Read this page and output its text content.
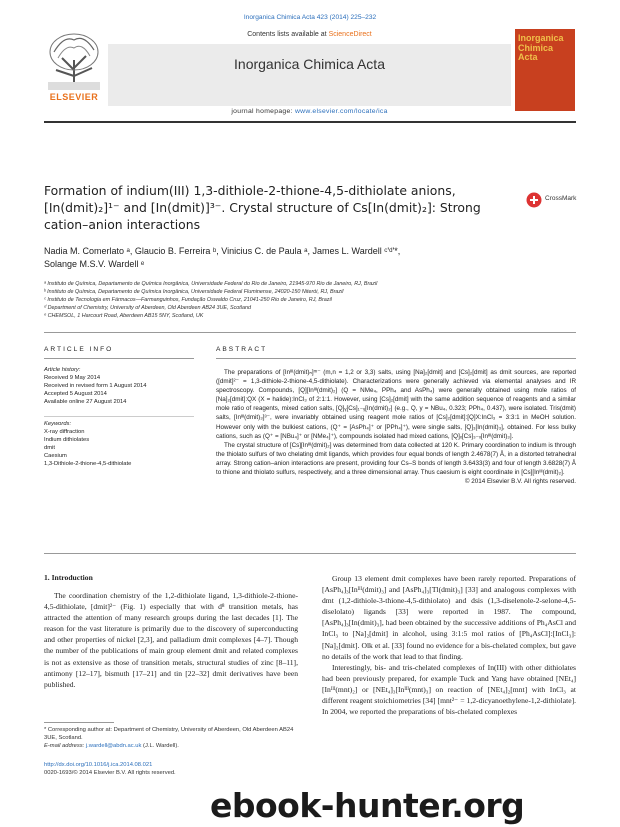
Inorganica Chimica Acta 423 (2014) 225–232
ELSEVIER
Contents lists available at ScienceDirect
Inorganica Chimica Acta
journal homepage: www.elsevier.com/locate/ica
Inorganica Chimica Acta
Formation of indium(III) 1,3-dithiole-2-thione-4,5-dithiolate anions,
[In(dmit)₂]¹⁻ and [In(dmit)]³⁻. Crystal structure of Cs[In(dmit)₂]: Strong
cation–anion interactions
CrossMark
Nadia M. Comerlato ᵃ, Glaucio B. Ferreira ᵇ, Vinicius C. de Paula ᵃ, James L. Wardell ᶜ'ᵈ'*,
Solange M.S.V. Wardell ᵉ
ᵃ Instituto de Química, Departamento de Química Inorgânica, Universidade Federal do Rio de Janeiro, 21945-970 Rio de Janeiro, RJ, Brazil
ᵇ Instituto de Química, Departamento de Química Inorgânica, Universidade Federal Fluminense, 24020-150 Niterói, RJ, Brazil
ᶜ Instituto de Tecnologia em Fármacos—Farmanguinhos, Fundação Oswaldo Cruz, 21041-250 Rio de Janeiro, RJ, Brazil
ᵈ Department of Chemistry, University of Aberdeen, Old Aberdeen AB24 3UE, Scotland
ᵉ CHEMSOL, 1 Harcourt Road, Aberdeen AB15 5NY, Scotland, UK
ARTICLE INFO
Article history:
Received 9 May 2014
Received in revised form 1 August 2014
Accepted 5 August 2014
Available online 27 August 2014
Keywords:
X-ray diffraction
Indium dithiolates
dmit
Caesium
1,3-Dithiole-2-thione-4,5-dithiolate
ABSTRACT

The preparations of [Inᴵᴵᴵ(dmit)ₙ]ᵐ⁻ (m,n = 1,2 or 3,3) salts, using [Na]₂[dmit] and [Cs]₂[dmit] as dmit sources, are reported ([dmit]²⁻ = 1,3-dithiole-2-thione-4,5-dithiolate). Characterizations were generally achieved via elemental analyses and IR spectroscopy. Compounds, [Q][Inᴵᴵᴵ(dmit)₂] (Q = NMe₄, PPh₄ and AsPh₄) were generally obtained using mole ratios of [Na]₂[dmit]:QX (X = halide):InCl₃ of 2:1:1. However, using [Cs]₂[dmit] with the same addition sequence of reagents and a similar mole ratio of reagents, mixed cation salts, [Q]ᵧ[Cs]₁₋ᵧ[In(dmit)₂] (e.g., Q, y = NBu₄, 0.323; PPh₄, 0.437), were isolated. Tris(dmit) salts, [Inᴵᴵᴵ(dmit)₃]³⁻, were invariably obtained using reagent mole ratios of [Cs]₂[dmit]:[Q]X:InCl₃ = 3:3:1 in MeOH solution. However only with the bulkiest cations, (Q⁺ = [AsPh₄]⁺ or [PPh₄]⁺), were single salts, [Q]₃[In(dmit)₃], obtained. For less bulky cations, such as (Q⁺ = [NBu₄]⁺ or [NMe₄]⁺), compounds isolated had mixed cations, [Q]ₓ[Cs]₃₋ₓ[Inᴵᴵᴵ(dmit)₃].

The crystal structure of [Cs][Inᴵᴵᴵ(dmit)₂] was determined from data collected at 120 K. Primary coordination to indium is through the thiolato sulfurs of two chelating dmit ligands, which provides four equal bonds of length 2.4678(7) Å, in a distorted tetrahedral array. Strong cation–anion interactions are present, providing four Cs–S bonds of length 3.6433(3) and four of length 3.6828(7) Å to thione and thiolato sulfurs, respectively, and a three dimensional array. Thus caesium is eight coordinate in [Cs][Inᴵᴵᴵ(dmit)₂].

© 2014 Elsevier B.V. All rights reserved.
1. Introduction

The coordination chemistry of the 1,2-dithiolate ligand, 1,3-dithiole-2-thione-4,5-dithiolate, [dmit]²⁻ (Fig. 1) especially that with d⁸ transition metals, has attracted the attention of many research groups during the last decades [1]. The reason for the vast literature is primarily due to the discovery of superconducting and other properties of nickel [2,3], and palladium dmit complexes [4–7]. Though the number of the publications of main group element dmit and related complexes is not as extensive as those of transition metals, structural studies of zinc [8–11], antimony [12–17], bismuth [17–21] and tin [22–32] dmit derivatives have been published.

Group 13 element dmit complexes have been rarely reported. Preparations of [AsPh₄]₃[Inᴵᴵᴵ(dmit)₃] and [AsPh₄]₃[Tl(dmit)₃] [33] and analogous complexes with dmt (1,2-dithiole-3-thione-4,5-dithiolato) and dsis (1,3-diselenole-2-selone-4,5-diselolato) ligands [33] were reported in 1987. The compound, [AsPh₄]₃[In(dmit)₃], had been obtained by the successive additions of Ph₄AsCl and InCl₃ to [Na]₂[dmit] in alcohol, using 3:1:5 mol ratios of [Ph₄AsCl]:[InCl₃]:[Na]₂[dmit]. Olk et al. [33] found no evidence for a bis-chelated complex, but gave no details of the work that lead to that finding.

Interestingly, bis- and tris-chelated complexes of In(III) with other dithiolates had been previously prepared, for example Tuck and Yang have obtained [NEt₄][Inᴵᴵᴵ(mnt)₂] or [NEt₄]₃[Inᴵᴵᴵ(mnt)₃] on reaction of [NEt₄]₂[mnt] with InCl₃ at different reagent stoichiometries [34] [mnt²⁻ = 1,2-dicyanoethylene-1,2-dithiolate]. In 2004, we reported the preparations of bis-chelated complexes

* Corresponding author at: Department of Chemistry, University of Aberdeen, Old Aberdeen AB24 3UE, Scotland.
E-mail address: j.wardell@abdn.ac.uk (J.L. Wardell).
http://dx.doi.org/10.1016/j.ica.2014.08.021
0020-1693/© 2014 Elsevier B.V. All rights reserved.
ebook-hunter.org
